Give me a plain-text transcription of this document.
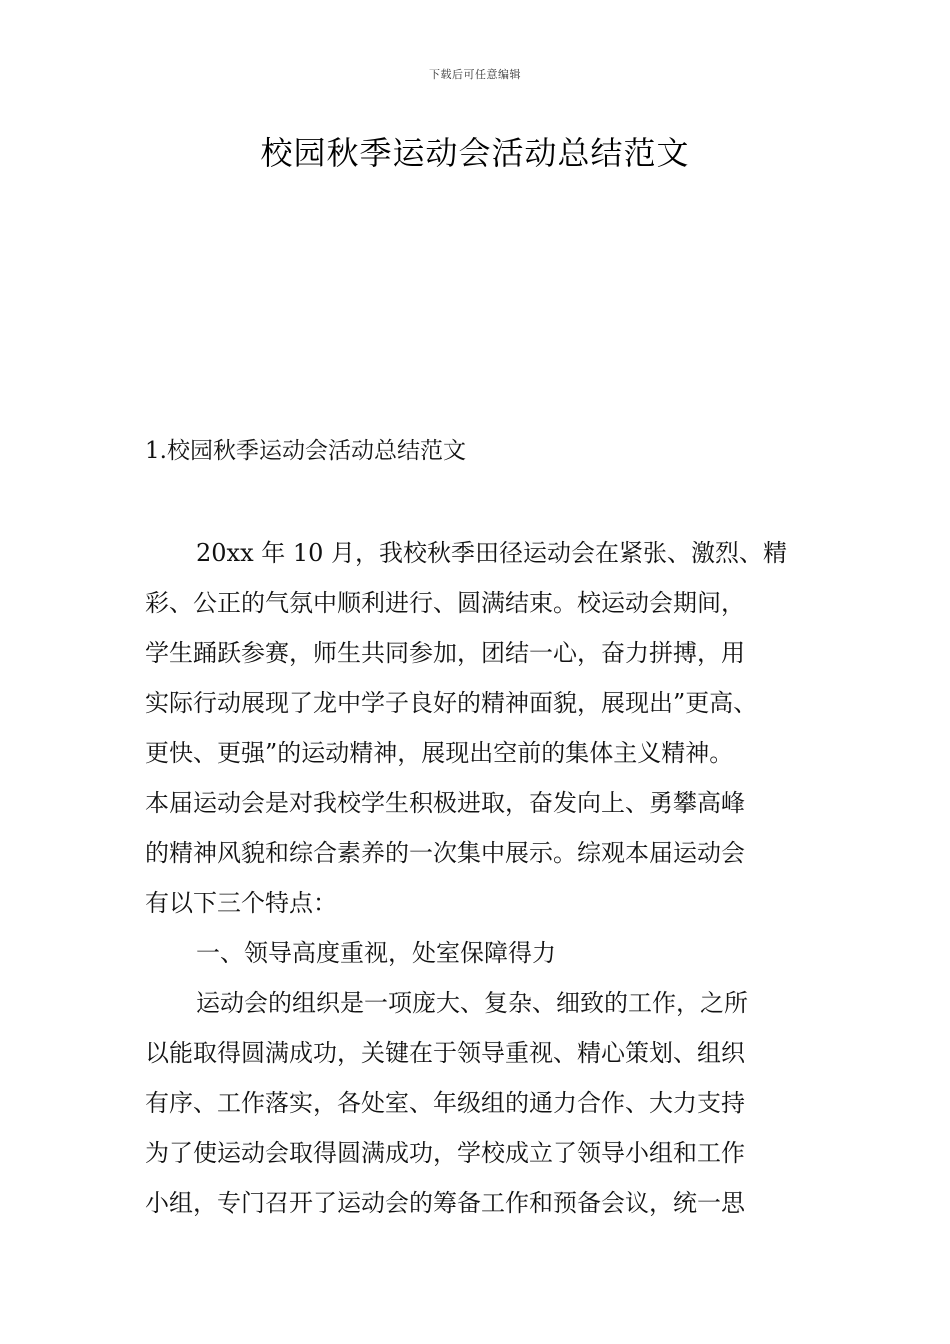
下载后可任意编辑
校园秋季运动会活动总结范文
1.校园秋季运动会活动总结范文
20xx 年 10 月，我校秋季田径运动会在紧张、激烈、精
彩、公正的气氛中顺利进行、圆满结束。校运动会期间，
学生踊跃参赛，师生共同参加，团结一心，奋力拼搏，用
实际行动展现了龙中学子良好的精神面貌，展现出”更高、
更快、更强”的运动精神，展现出空前的集体主义精神。
本届运动会是对我校学生积极进取，奋发向上、勇攀高峰
的精神风貌和综合素养的一次集中展示。综观本届运动会
有以下三个特点：
一、领导高度重视，处室保障得力
运动会的组织是一项庞大、复杂、细致的工作，之所
以能取得圆满成功，关键在于领导重视、精心策划、组织
有序、工作落实，各处室、年级组的通力合作、大力支持
为了使运动会取得圆满成功，学校成立了领导小组和工作
小组，专门召开了运动会的筹备工作和预备会议，统一思
